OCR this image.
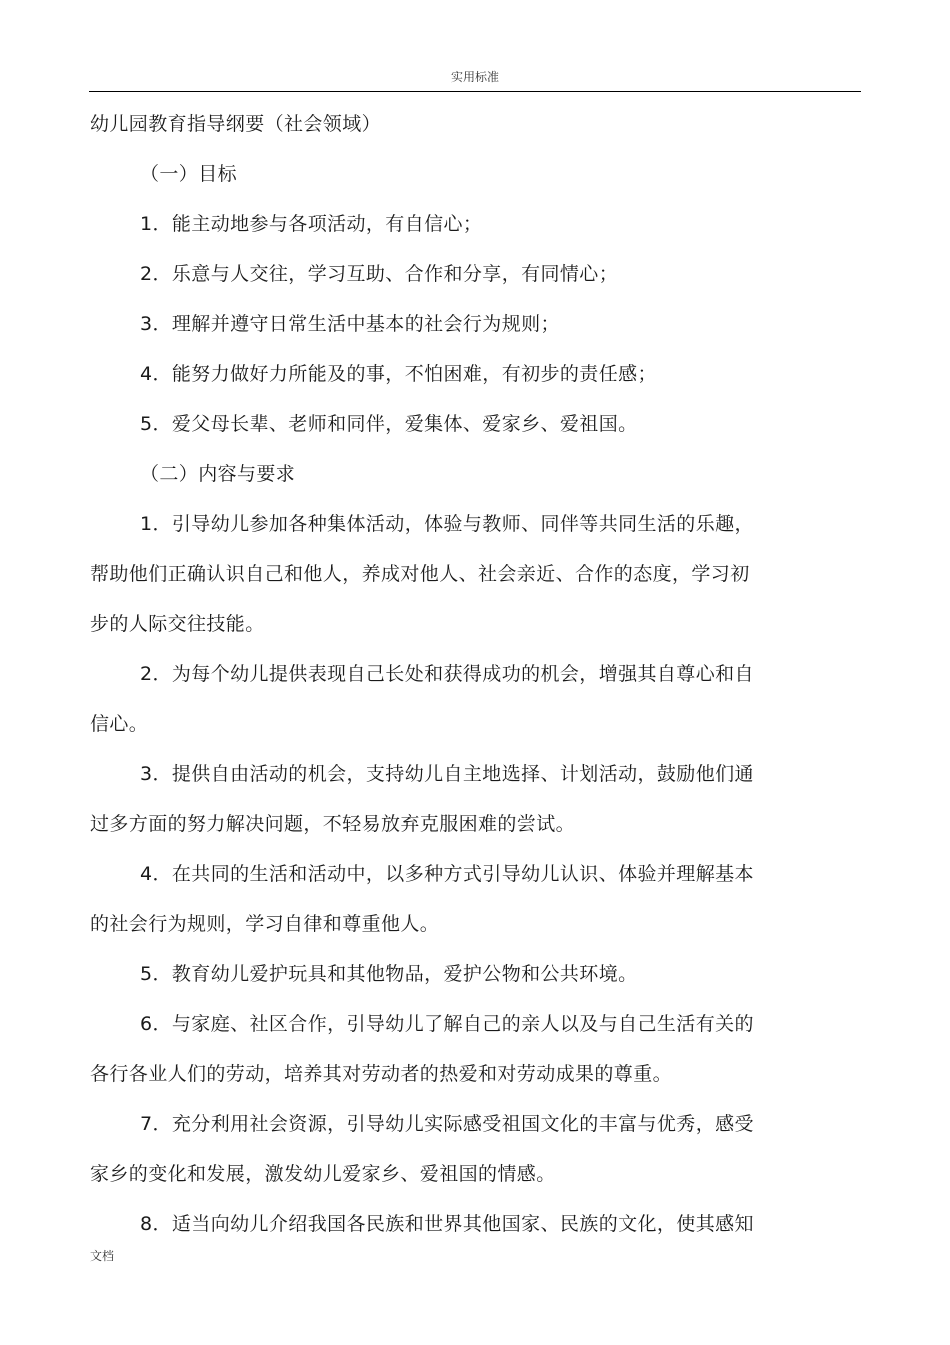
实用标准

幼儿园教育指导纲要（社会领域）

（一）目标

1．能主动地参与各项活动，有自信心；

2．乐意与人交往，学习互助、合作和分享，有同情心；

3．理解并遵守日常生活中基本的社会行为规则；

4．能努力做好力所能及的事，不怕困难，有初步的责任感；

5．爱父母长辈、老师和同伴，爱集体、爱家乡、爱祖国。

（二）内容与要求

1．引导幼儿参加各种集体活动，体验与教师、同伴等共同生活的乐趣，

帮助他们正确认识自己和他人，养成对他人、社会亲近、合作的态度，学习初

步的人际交往技能。

2．为每个幼儿提供表现自己长处和获得成功的机会，增强其自尊心和自

信心。

3．提供自由活动的机会，支持幼儿自主地选择、计划活动，鼓励他们通

过多方面的努力解决问题，不轻易放弃克服困难的尝试。

4．在共同的生活和活动中，以多种方式引导幼儿认识、体验并理解基本

的社会行为规则，学习自律和尊重他人。

5．教育幼儿爱护玩具和其他物品，爱护公物和公共环境。

6．与家庭、社区合作，引导幼儿了解自己的亲人以及与自己生活有关的

各行各业人们的劳动，培养其对劳动者的热爱和对劳动成果的尊重。

7．充分利用社会资源，引导幼儿实际感受祖国文化的丰富与优秀，感受

家乡的变化和发展，激发幼儿爱家乡、爱祖国的情感。

8．适当向幼儿介绍我国各民族和世界其他国家、民族的文化，使其感知

文档
